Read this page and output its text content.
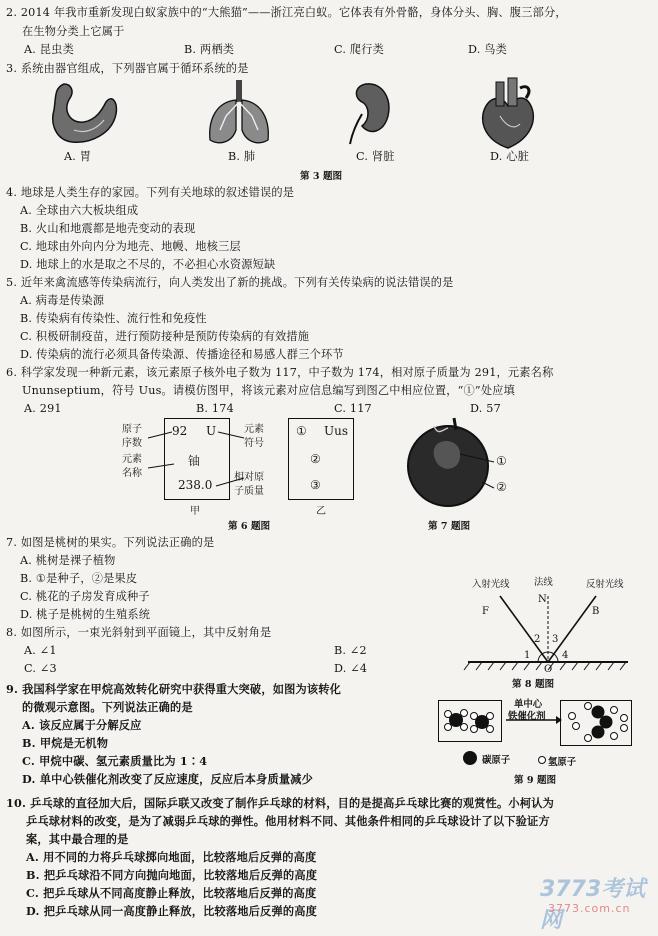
2. 2014 年我市重新发现白蚁家族中的“大熊猫”——浙江亮白蚁。它体表有外骨骼，身体分头、胸、腹三部分，
在生物分类上它属于
A. 昆虫类	B. 两栖类	C. 爬行类	D. 鸟类
3. 系统由器官组成，下列器官属于循环系统的是
A. 胃	B. 肺	C. 肾脏	D. 心脏
第 3 题图
4. 地球是人类生存的家园。下列有关地球的叙述错误的是
A. 全球由六大板块组成
B. 火山和地震都是地壳变动的表现
C. 地球由外向内分为地壳、地幔、地核三层
D. 地球上的水是取之不尽的，不必担心水资源短缺
5. 近年来禽流感等传染病流行，向人类发出了新的挑战。下列有关传染病的说法错误的是
A. 病毒是传染源
B. 传染病有传染性、流行性和免疫性
C. 积极研制疫苗，进行预防接种是预防传染病的有效措施
D. 传染病的流行必须具备传染源、传播途径和易感人群三个环节
6. 科学家发现一种新元素，该元素原子核外电子数为 117，中子数为 174，相对原子质量为 291，元素名称
Ununseptium，符号 Uus。请模仿图甲，将该元素对应信息编写到图乙中相应位置，“①”处应填
A. 291	B. 174	C. 117	D. 57
原子
序数
元素
名称
92 U
铀
238.0
元素
符号
相对原
子质量
甲
① Uus
②
③
乙
第 6 题图
①
②
第 7 题图
7. 如图是桃树的果实。下列说法正确的是
A. 桃树是裸子植物
B. ①是种子，②是果皮
C. 桃花的子房发育成种子
D. 桃子是桃树的生殖系统
8. 如图所示，一束光斜射到平面镜上，其中反射角是
A. ∠1	B. ∠2
C. ∠3	D. ∠4
入射光线	法线	反射光线
F
N
B
2 3
1	4
O
第 8 题图
9. 我国科学家在甲烷高效转化研究中获得重大突破，如图为该转化
的微观示意图。下列说法正确的是
A. 该反应属于分解反应
B. 甲烷是无机物
C. 甲烷中碳、氢元素质量比为 1∶4
D. 单中心铁催化剂改变了反应速度，反应后本身质量减少
单中心
铁催化剂
碳原子	氢原子
第 9 题图
10. 乒乓球的直径加大后，国际乒联又改变了制作乒乓球的材料，目的是提高乒乓球比赛的观赏性。小柯认为
乒乓球材料的改变，是为了减弱乒乓球的弹性。他用材料不同、其他条件相同的乒乓球设计了以下验证方
案，其中最合理的是
A. 用不同的力将乒乓球掷向地面，比较落地后反弹的高度
B. 把乒乓球沿不同方向抛向地面，比较落地后反弹的高度
C. 把乒乓球从不同高度静止释放，比较落地后反弹的高度
D. 把乒乓球从同一高度静止释放，比较落地后反弹的高度
3773考试网
3773.com.cn
